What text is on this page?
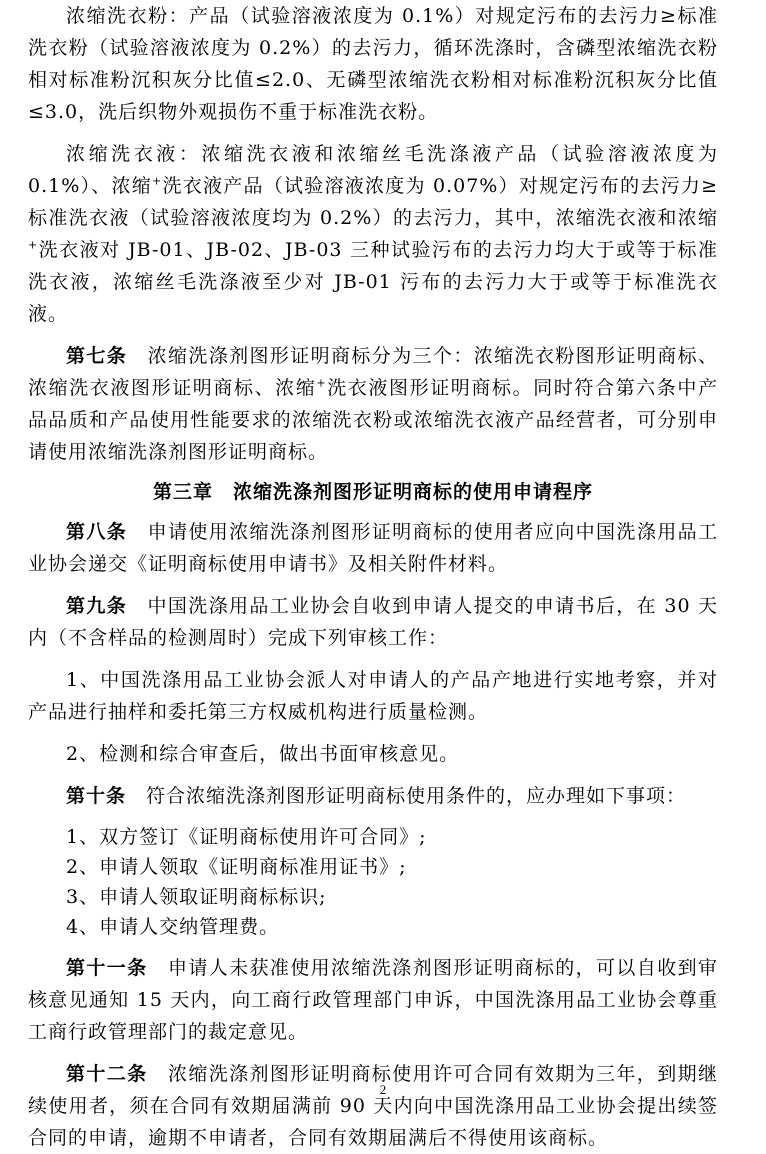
浓缩洗衣粉：产品（试验溶液浓度为 0.1%）对规定污布的去污力≥标准洗衣粉（试验溶液浓度为 0.2%）的去污力，循环洗涤时，含磷型浓缩洗衣粉相对标准粉沉积灰分比值≤2.0、无磷型浓缩洗衣粉相对标准粉沉积灰分比值≤3.0，洗后织物外观损伤不重于标准洗衣粉。

浓缩洗衣液：浓缩洗衣液和浓缩丝毛洗涤液产品（试验溶液浓度为 0.1%）、浓缩+洗衣液产品（试验溶液浓度为 0.07%）对规定污布的去污力≥标准洗衣液（试验溶液浓度均为 0.2%）的去污力，其中，浓缩洗衣液和浓缩+洗衣液对 JB-01、JB-02、JB-03 三种试验污布的去污力均大于或等于标准洗衣液，浓缩丝毛洗涤液至少对 JB-01 污布的去污力大于或等于标准洗衣液。

第七条　 浓缩洗涤剂图形证明商标分为三个：浓缩洗衣粉图形证明商标、浓缩洗衣液图形证明商标、浓缩+洗衣液图形证明商标。同时符合第六条中产品品质和产品使用性能要求的浓缩洗衣粉或浓缩洗衣液产品经营者，可分别申请使用浓缩洗涤剂图形证明商标。

第三章　浓缩洗涤剂图形证明商标的使用申请程序

第八条　 申请使用浓缩洗涤剂图形证明商标的使用者应向中国洗涤用品工业协会递交《证明商标使用申请书》及相关附件材料。

第九条　 中国洗涤用品工业协会自收到申请人提交的申请书后，在 30 天内（不含样品的检测周时）完成下列审核工作：

1、中国洗涤用品工业协会派人对申请人的产品产地进行实地考察，并对产品进行抽样和委托第三方权威机构进行质量检测。

2、检测和综合审查后，做出书面审核意见。

第十条　 符合浓缩洗涤剂图形证明商标使用条件的，应办理如下事项：

1、双方签订《证明商标使用许可合同》;

2、申请人领取《证明商标准用证书》;

3、申请人领取证明商标标识;

4、申请人交纳管理费。

第十一条　 申请人未获准使用浓缩洗涤剂图形证明商标的，可以自收到审核意见通知 15 天内，向工商行政管理部门申诉，中国洗涤用品工业协会尊重工商行政管理部门的裁定意见。

第十二条　 浓缩洗涤剂图形证明商标使用许可合同有效期为三年，到期继续使用者，须在合同有效期届满前 90 天内向中国洗涤用品工业协会提出续签合同的申请，逾期不申请者，合同有效期届满后不得使用该商标。

2
